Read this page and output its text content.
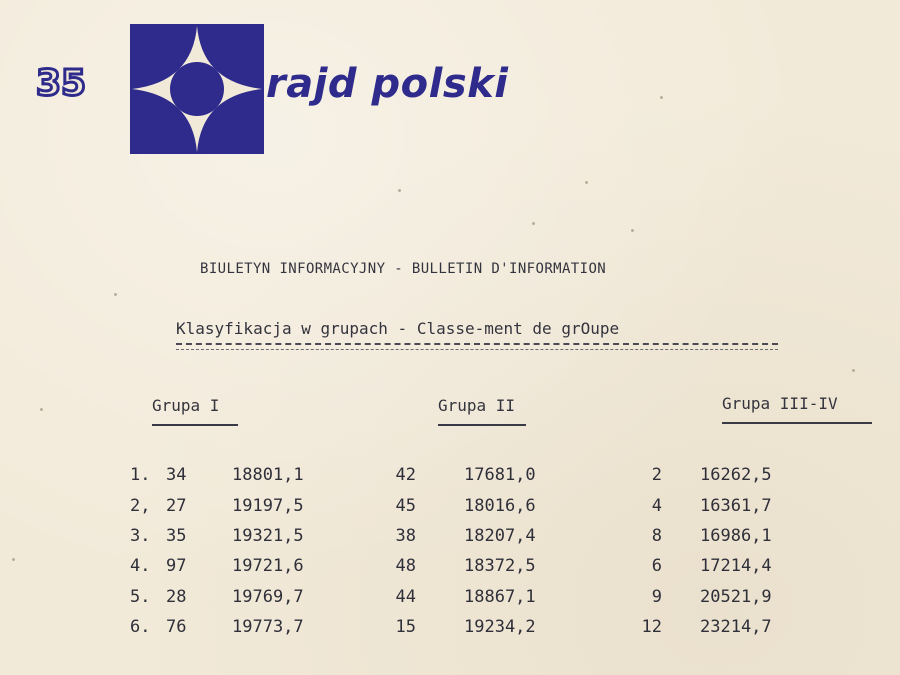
35	rajd polski
BIULETYN INFORMACYJNY - BULLETIN D'INFORMATION
Klasyfikacja w grupach - Classe-ment de grOupe
Grupa I	Grupa II	Grupa III-IV
1. 34	18801,1	42	17681,0	2 16262,5
2, 27	19197,5	45	18016,6	4 16361,7
3. 35	19321,5	38	18207,4	8 16986,1
4. 97	19721,6	48	18372,5	6 17214,4
5. 28	19769,7	44	18867,1	9 20521,9
6. 76	19773,7	15	19234,2	12 23214,7
